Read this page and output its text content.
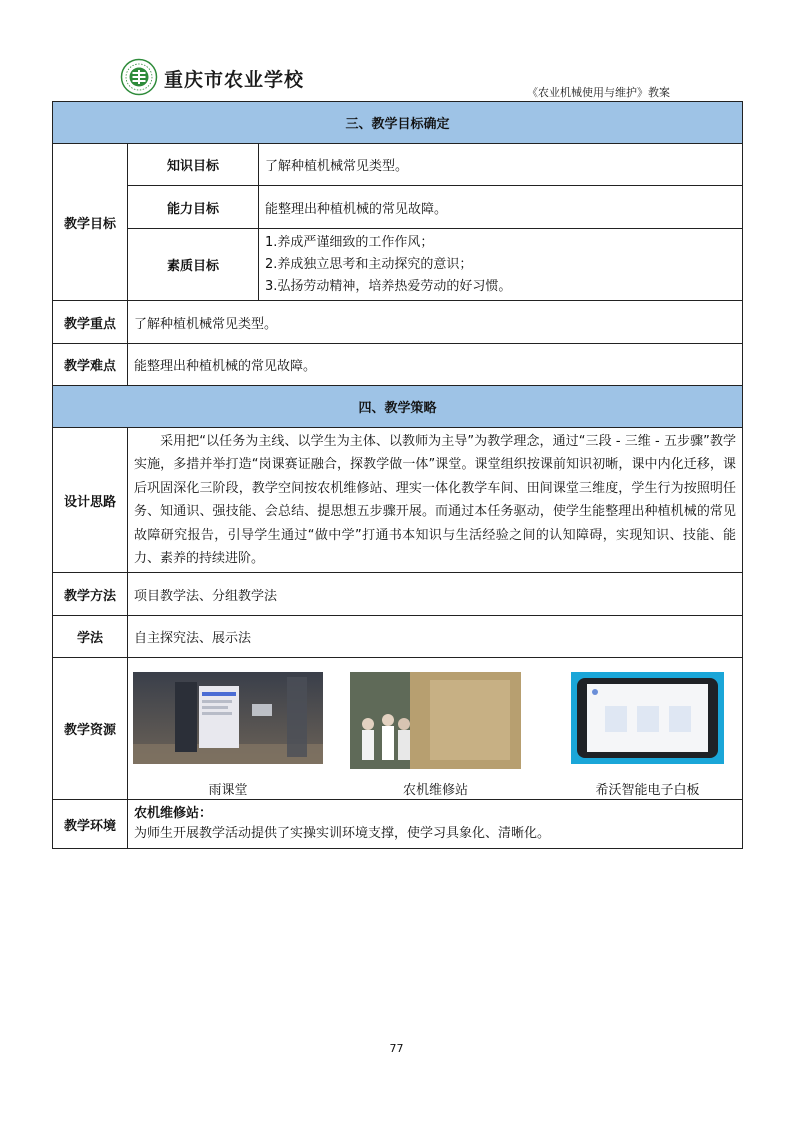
重庆市农业学校
《农业机械使用与维护》教案
三、教学目标确定		
教学目标	知识目标	了解种植机械常见类型。
	能力目标	能整理出种植机械的常见故障。
	素质目标	1.养成严谨细致的工作作风；
2.养成独立思考和主动探究的意识；
3.弘扬劳动精神，培养热爱劳动的好习惯。

教学重点	了解种植机械常见类型。	
教学难点	能整理出种植机械的常见故障。	
四、教学策略		
设计思路	采用把“以任务为主线、以学生为主体、以教师为主导”为教学理念，通过“三段 - 三维 - 五步骤”教学实施，多措并举打造“岗课赛证融合，探教学做一体”课堂。课堂组织按课前知识初晰，课中内化迁移，课后巩固深化三阶段，教学空间按农机维修站、理实一体化教学车间、田间课堂三维度，学生行为按照明任务、知通识、强技能、会总结、提思想五步骤开展。而通过本任务驱动，使学生能整理出种植机械的常见故障研究报告，引导学生通过“做中学”打通书本知识与生活经验之间的认知障碍，实现知识、技能、能力、素养的持续进阶。	
教学方法	项目教学法、分组教学法	
学法	自主探究法、展示法	
教学资源	雨课堂 农机维修站 希沃智能电子白板	

教学环境	农机维修站：
为师生开展教学活动提供了实操实训环境支撑，使学习具象化、清晰化。	
77
